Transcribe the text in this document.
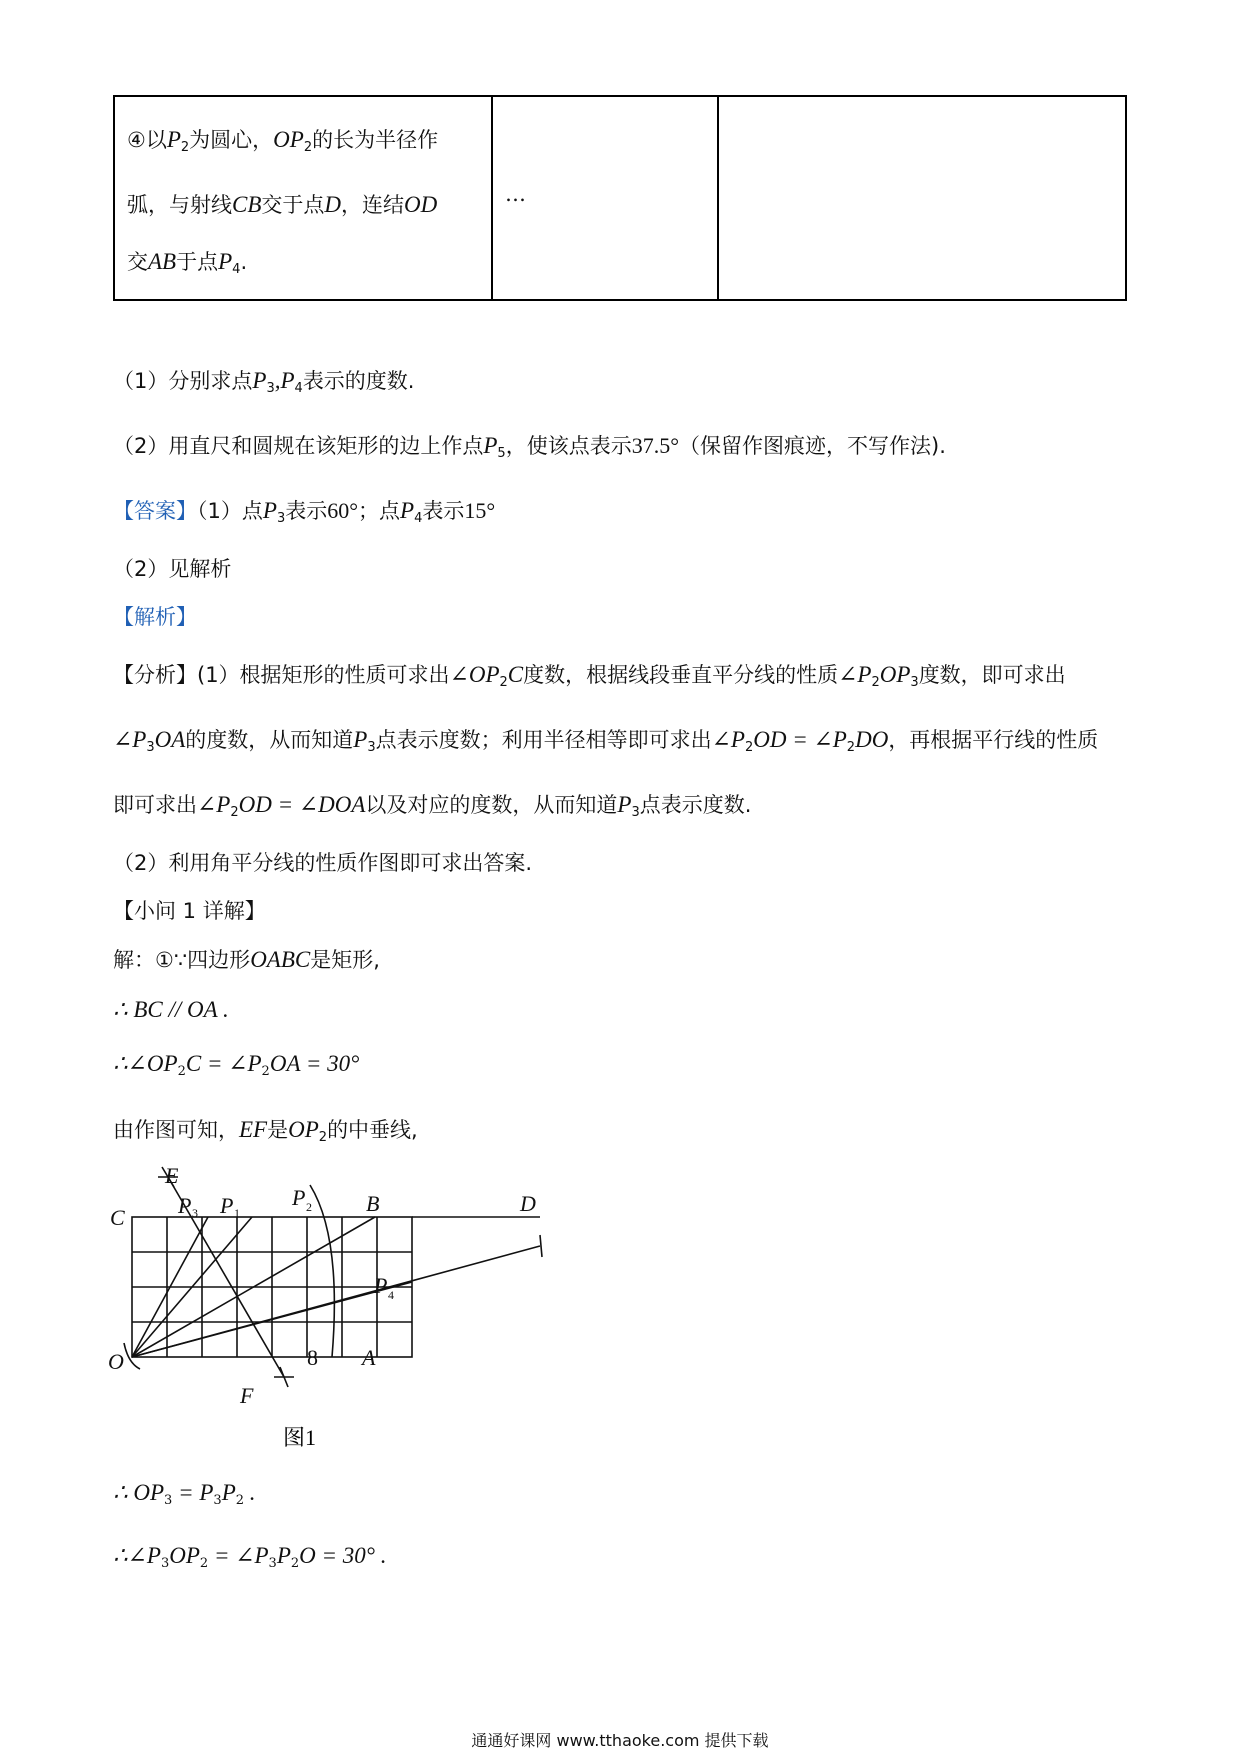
④以$P_2$为圆心，$OP_2$的长为半径作
弧，与射线CB交于点D，连结OD
交AB于点$P_4$.

…

（1）分别求点$P_3,P_4$表示的度数.
（2）用直尺和圆规在该矩形的边上作点$P_5$，使该点表示37.5°（保留作图痕迹，不写作法).
【答案】（1）点$P_3$表示60°；点$P_4$表示15°
（2）见解析
【解析】
【分析】(1）根据矩形的性质可求出$\angle OP_2C$度数，根据线段垂直平分线的性质$\angle P_2OP_3$度数，即可求出
$\angle P_3OA$的度数，从而知道$P_3$点表示度数；利用半径相等即可求出$\angle P_2OD$ = $\angle P_2DO$，再根据平行线的性质
即可求出$\angle P_2OD$ = ∠DOA以及对应的度数，从而知道$P_3$点表示度数.
（2）利用角平分线的性质作图即可求出答案.
【小问 1 详解】
解：①∵四边形OABC是矩形,
∴ BC // OA .
$\therefore\angle OP_2C$ = $\angle P_2OA = 30^\circ$
由作图可知，EF是$OP_2$的中垂线,
C
E
P 3 P 1
P 2 B	D
P 4
O	8 A
F
图1
∴ $OP_3 = P_3P_2$ .
$\therefore\angle P_3OP_2$ = $\angle P_3P_2O = 30^\circ$ .
通通好课网 www.tthaoke.com 提供下载
